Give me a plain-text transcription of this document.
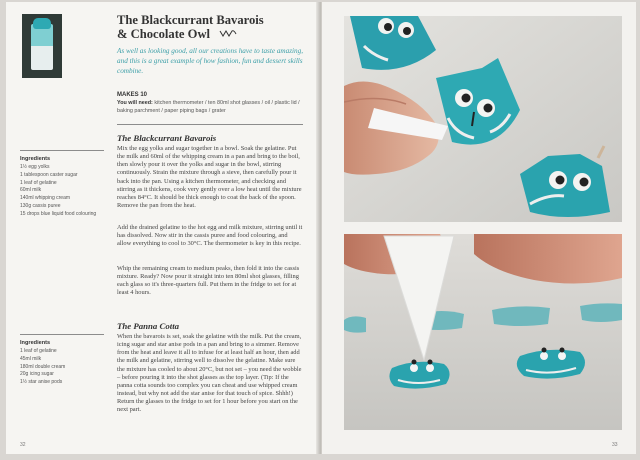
The Blackcurrant Bavarois
& Chocolate Owl

As well as looking good, all our creations have to taste amazing, and this is a great example of how fashion, fun and dessert skills combine.

MAKES 10

You will need: kitchen thermometer / ten 80ml shot glasses / oil / plastic lid / baking parchment / paper piping bags / grater

The Blackcurrant Bavarois

Mix the egg yolks and sugar together in a bowl. Soak the gelatine. Put the milk and 60ml of the whipping cream in a pan and bring to the boil, then slowly pour it over the yolks and sugar in the bowl, stirring continuously. Strain the mixture through a sieve, then carefully pour it back into the pan. Using a kitchen thermometer, and checking and stirring as it thickens, cook very gently over a low heat until the mixture reaches 84°C. It should be thick enough to coat the back of the spoon. Remove the pan from the heat.

Add the drained gelatine to the hot egg and milk mixture, stirring until it has dissolved. Now stir in the cassis puree and food colouring, and allow everything to cool to 30°C. The thermometer is key in this recipe.

Whip the remaining cream to medium peaks, then fold it into the cassis mixture. Ready? Now pour it straight into ten 80ml shot glasses, filling each glass so it's three-quarters full. Put them in the fridge to set for at least 4 hours.

Ingredients
1½ egg yolks
1 tablespoon caster sugar
1 leaf of gelatine
60ml milk
140ml whipping cream
130g cassis puree
15 drops blue liquid food colouring
The Panna Cotta

When the bavarois is set, soak the gelatine with the milk. Put the cream, icing sugar and star anise pods in a pan and bring to a simmer. Remove from the heat and leave it all to infuse for at least half an hour, then add the milk and gelatine, stirring well to dissolve the gelatine. Make sure the mixture has cooled to about 20°C, but not set – you need the wobble – before pouring it into the shot glasses as the top layer. (Tip: If the panna cotta sounds too complex you can cheat and use whipped cream instead, but why not add the star anise for that touch of spice. Shhh!) Return the glasses to the fridge to set for 1 hour before you start on the next part.

Ingredients
1 leaf of gelatine
45ml milk
180ml double cream
20g icing sugar
1½ star anise pods
32	33
